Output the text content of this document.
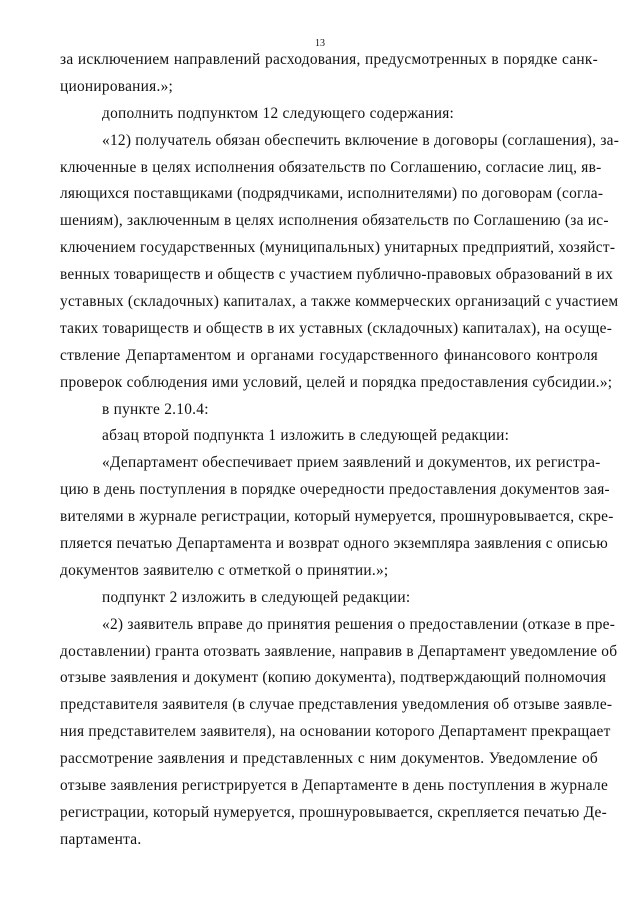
13
за исключением направлений расходования, предусмотренных в порядке санк-
ционирования.»;
дополнить подпунктом 12 следующего содержания:
«12) получатель обязан обеспечить включение в договоры (соглашения), за-
ключенные в целях исполнения обязательств по Соглашению, согласие лиц, яв-
ляющихся поставщиками (подрядчиками, исполнителями) по договорам (согла-
шениям), заключенным в целях исполнения обязательств по Соглашению (за ис-
ключением государственных (муниципальных) унитарных предприятий, хозяйст-
венных товариществ и обществ с участием публично-правовых образований в их
уставных (складочных) капиталах, а также коммерческих организаций с участием
таких товариществ и обществ в их уставных (складочных) капиталах), на осуще-
ствление Департаментом и органами государственного финансового контроля
проверок соблюдения ими условий, целей и порядка предоставления субсидии.»;
в пункте 2.10.4:
абзац второй подпункта 1 изложить в следующей редакции:
«Департамент обеспечивает прием заявлений и документов, их регистра-
цию в день поступления в порядке очередности предоставления документов зая-
вителями в журнале регистрации, который нумеруется, прошнуровывается, скре-
пляется печатью Департамента и возврат одного экземпляра заявления с описью
документов заявителю с отметкой о принятии.»;
подпункт 2 изложить в следующей редакции:
«2) заявитель вправе до принятия решения о предоставлении (отказе в пре-
доставлении) гранта отозвать заявление, направив в Департамент уведомление об
отзыве заявления и документ (копию документа), подтверждающий полномочия
представителя заявителя (в случае представления уведомления об отзыве заявле-
ния представителем заявителя), на основании которого Департамент прекращает
рассмотрение заявления и представленных с ним документов. Уведомление об
отзыве заявления регистрируется в Департаменте в день поступления в журнале
регистрации, который нумеруется, прошнуровывается, скрепляется печатью Де-
партамента.
